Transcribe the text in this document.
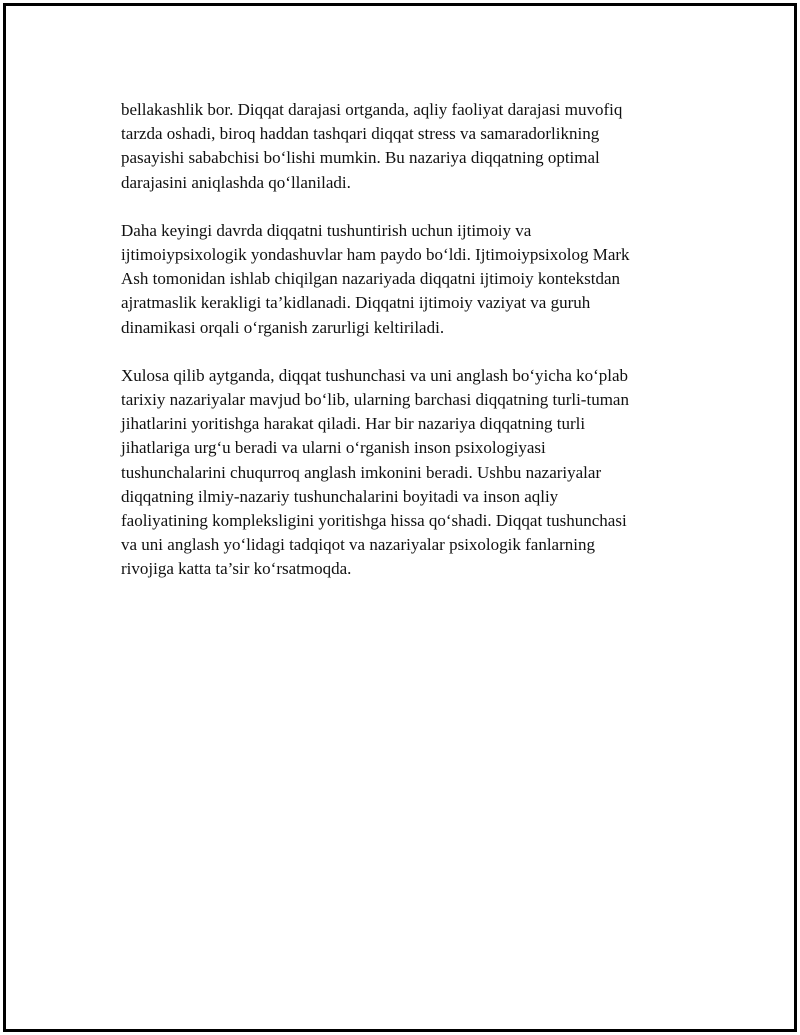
bellakashlik bor. Diqqat darajasi ortganda, aqliy faoliyat darajasi muvofiq
tarzda oshadi, biroq haddan tashqari diqqat stress va samaradorlikning
pasayishi sababchisi bo‘lishi mumkin. Bu nazariya diqqatning optimal
darajasini aniqlashda qo‘llaniladi.

Daha keyingi davrda diqqatni tushuntirish uchun ijtimoiy va
ijtimoiypsixologik yondashuvlar ham paydo bo‘ldi. Ijtimoiypsixolog Mark
Ash tomonidan ishlab chiqilgan nazariyada diqqatni ijtimoiy kontekstdan
ajratmaslik kerakligi ta’kidlanadi. Diqqatni ijtimoiy vaziyat va guruh
dinamikasi orqali o‘rganish zarurligi keltiriladi.

Xulosa qilib aytganda, diqqat tushunchasi va uni anglash bo‘yicha ko‘plab
tarixiy nazariyalar mavjud bo‘lib, ularning barchasi diqqatning turli-tuman
jihatlarini yoritishga harakat qiladi. Har bir nazariya diqqatning turli
jihatlariga urg‘u beradi va ularni o‘rganish inson psixologiyasi
tushunchalarini chuqurroq anglash imkonini beradi. Ushbu nazariyalar
diqqatning ilmiy-nazariy tushunchalarini boyitadi va inson aqliy
faoliyatining kompleksligini yoritishga hissa qo‘shadi. Diqqat tushunchasi
va uni anglash yo‘lidagi tadqiqot va nazariyalar psixologik fanlarning
rivojiga katta ta’sir ko‘rsatmoqda.
